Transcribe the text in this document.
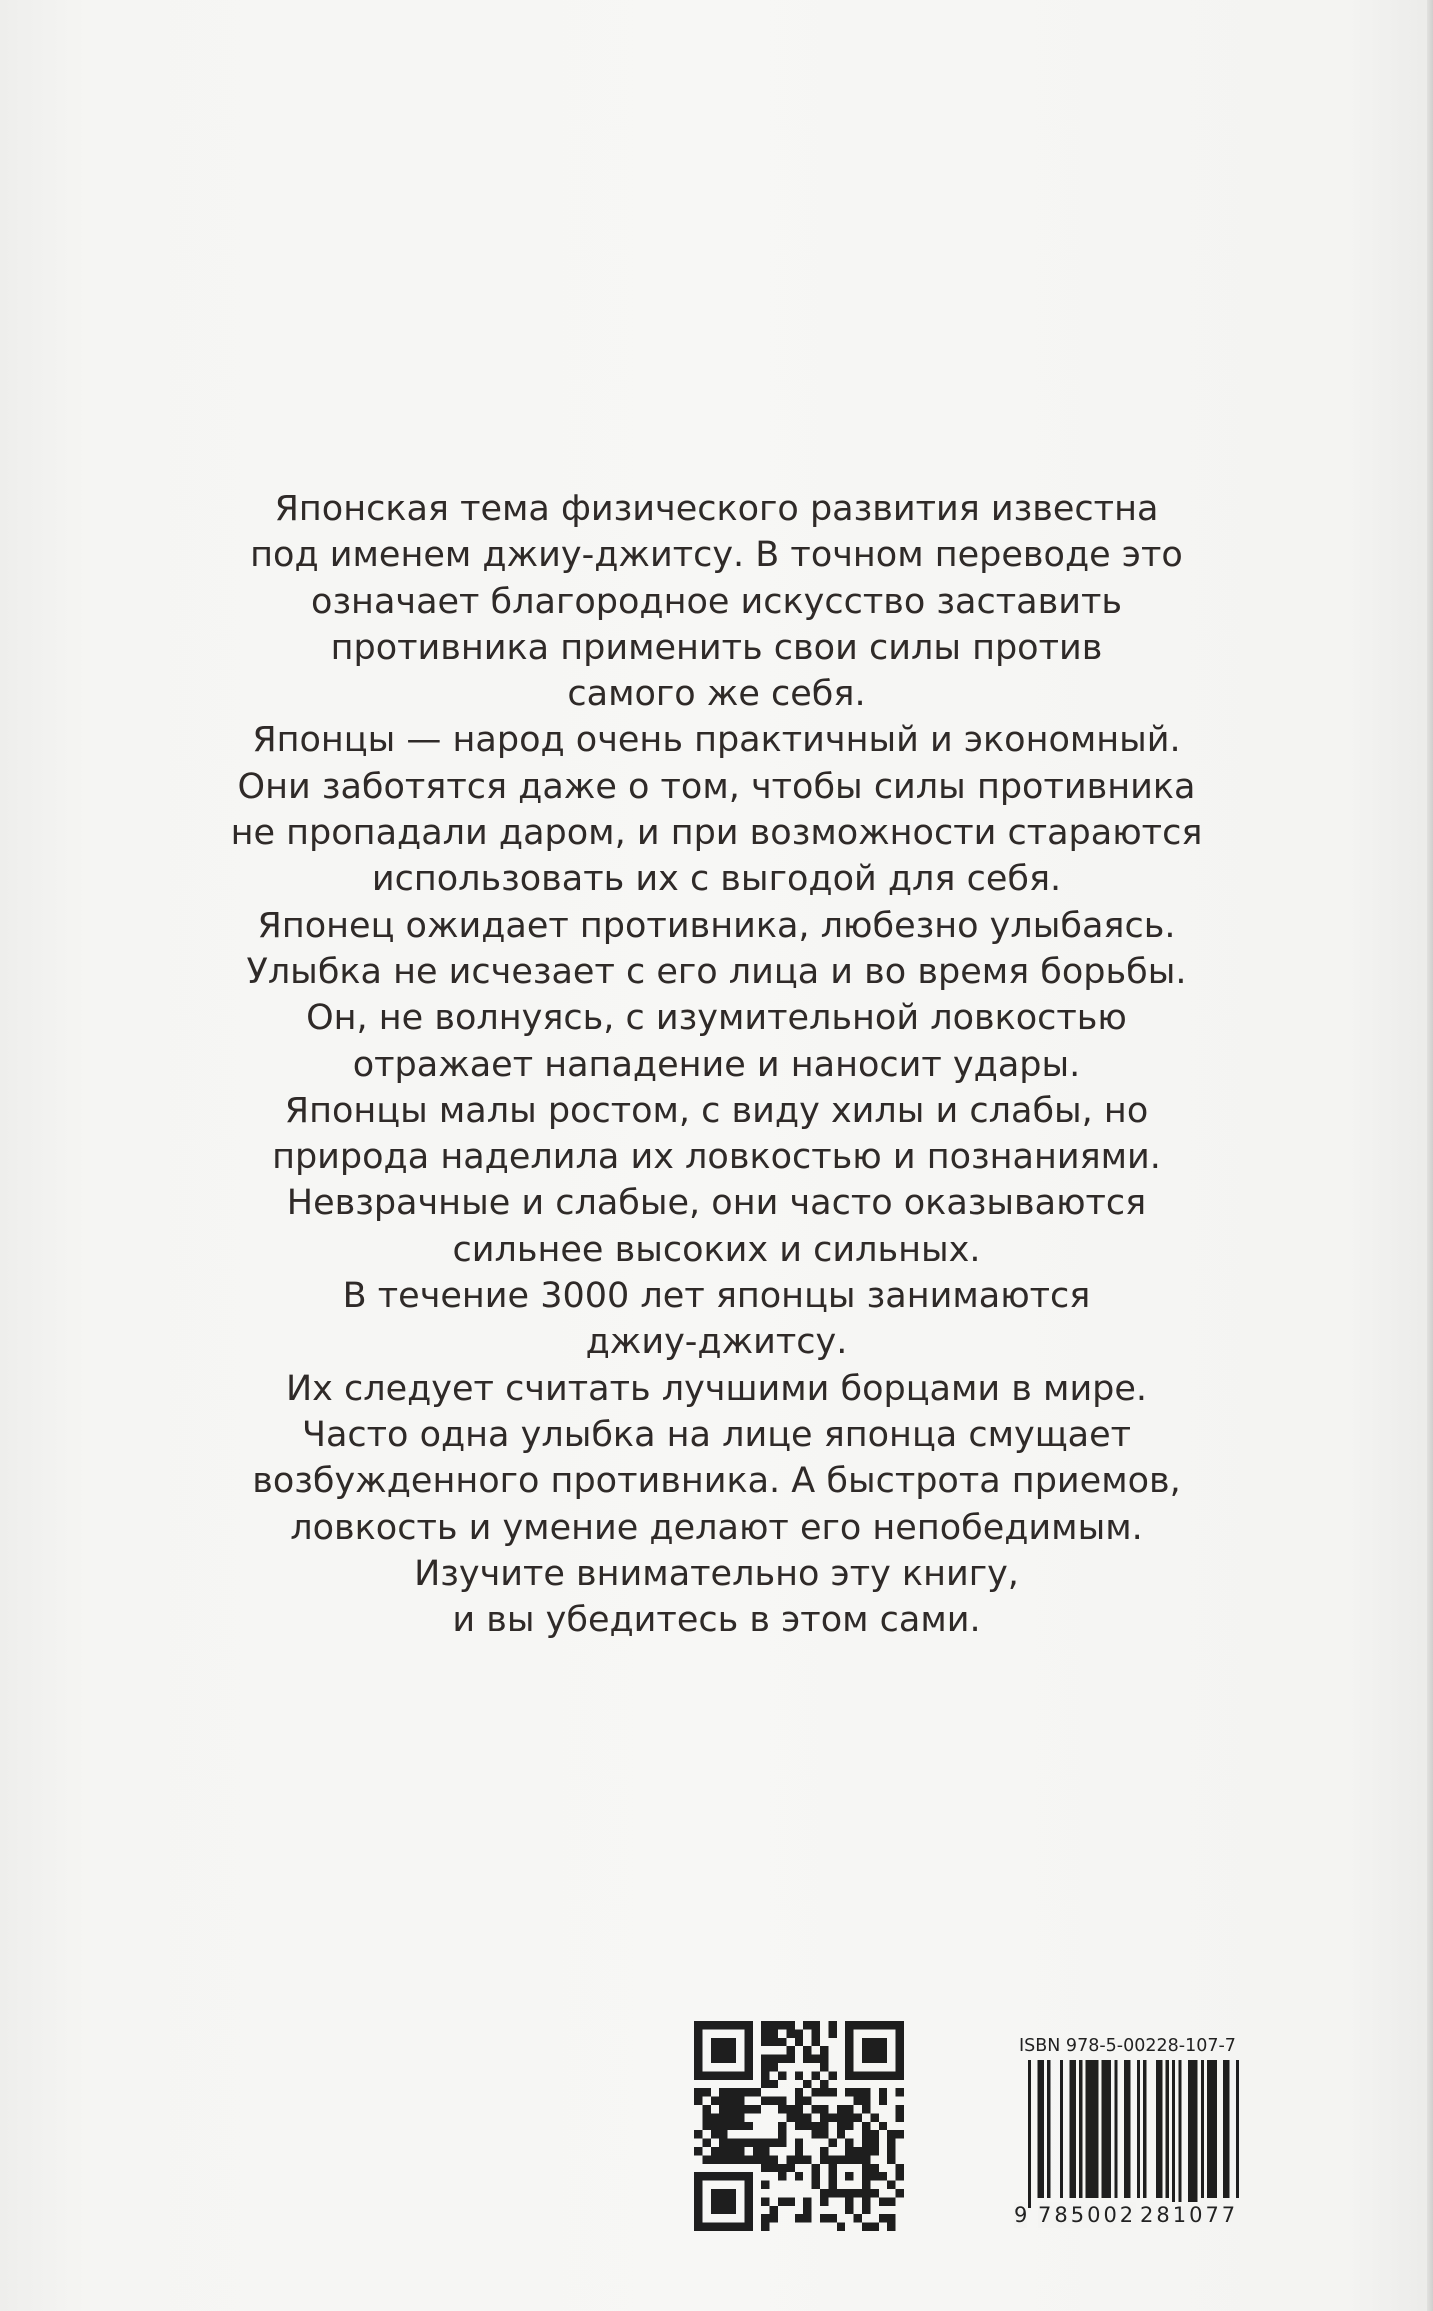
Японская тема физического развития известна
под именем джиу-джитсу. В точном переводе это
означает благородное искусство заставить
противника применить свои силы против
самого же себя.
Японцы — народ очень практичный и экономный.
Они заботятся даже о том, чтобы силы противника
не пропадали даром, и при возможности стараются
использовать их с выгодой для себя.
Японец ожидает противника, любезно улыбаясь.
Улыбка не исчезает с его лица и во время борьбы.
Он, не волнуясь, с изумительной ловкостью
отражает нападение и наносит удары.
Японцы малы ростом, с виду хилы и слабы, но
природа наделила их ловкостью и познаниями.
Невзрачные и слабые, они часто оказываются
сильнее высоких и сильных.
В течение 3000 лет японцы занимаются
джиу-джитсу.
Их следует считать лучшими борцами в мире.
Часто одна улыбка на лице японца смущает
возбужденного противника. А быстрота приемов,
ловкость и умение делают его непобедимым.
Изучите внимательно эту книгу,
и вы убедитесь в этом сами.
ISBN 978-5-00228-107-7
9 785002 281077
